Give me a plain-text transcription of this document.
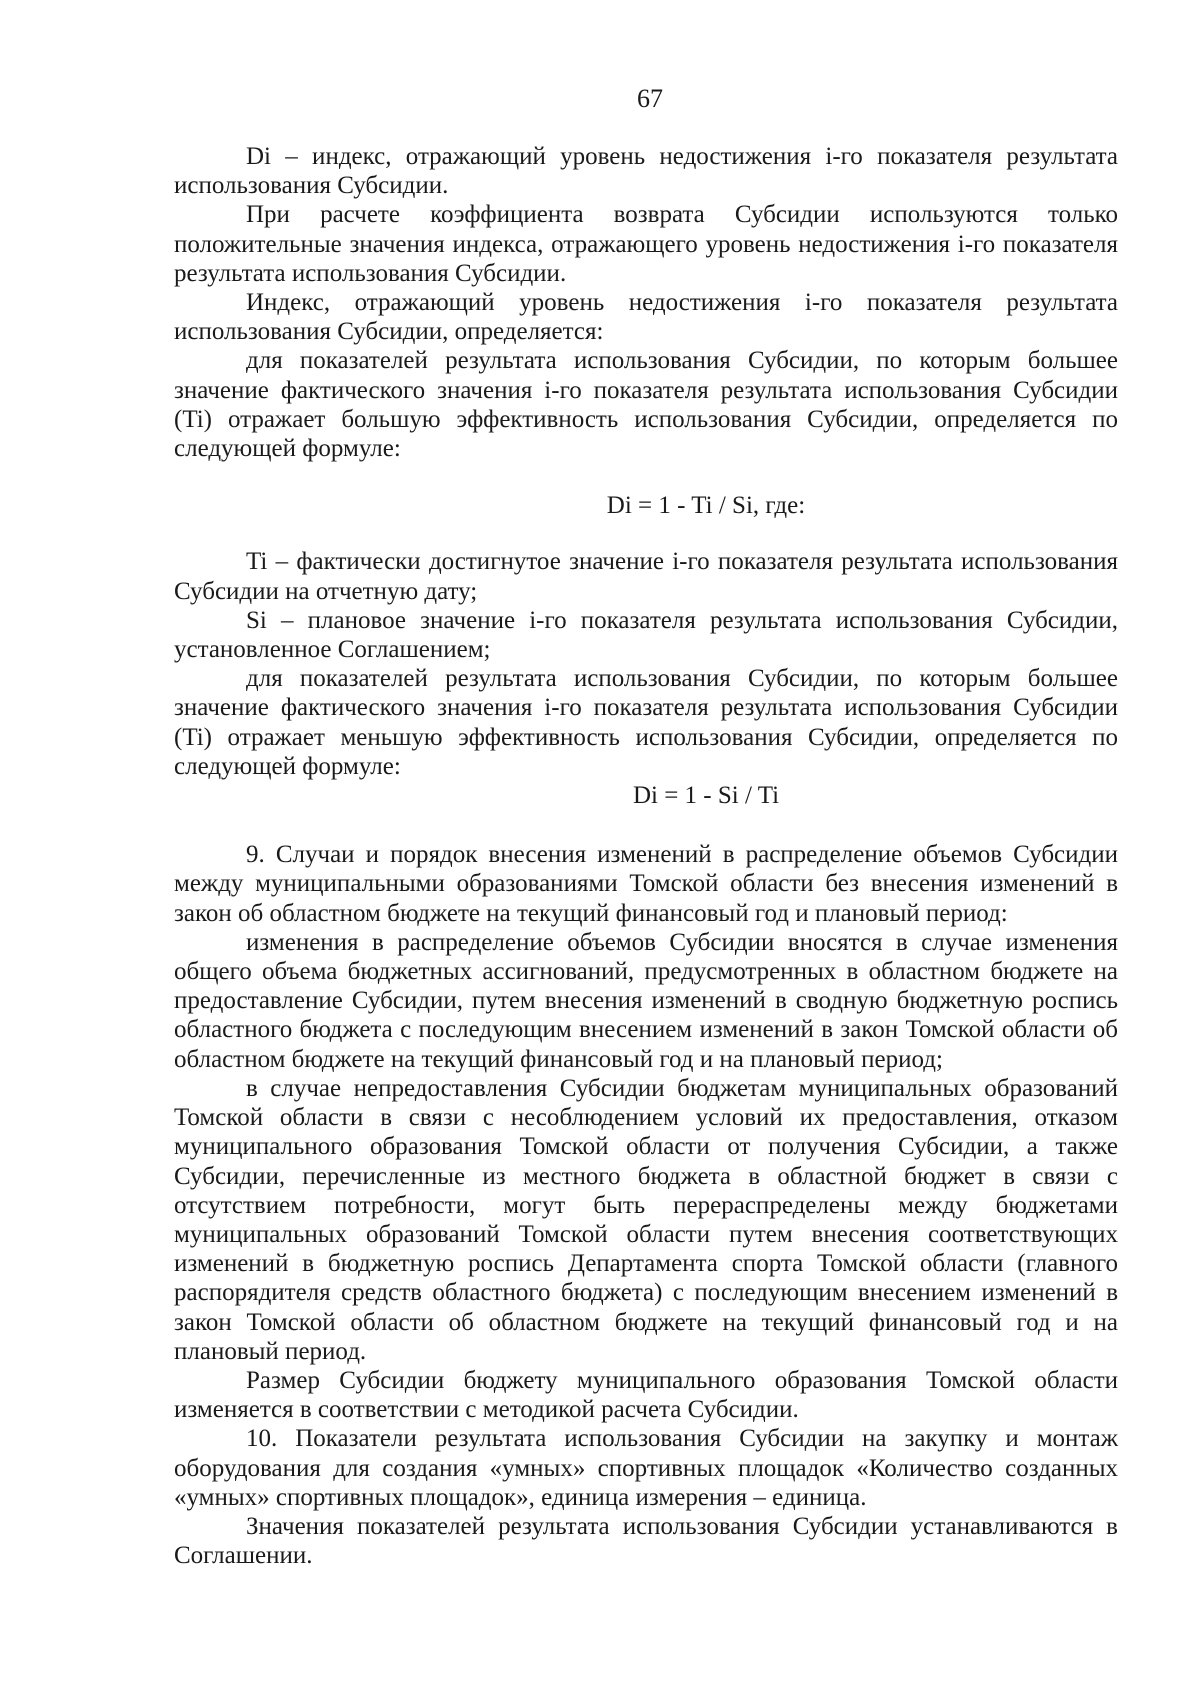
67

Di – индекс, отражающий уровень недостижения i-го показателя результата использования Субсидии.

При расчете коэффициента возврата Субсидии используются только положительные значения индекса, отражающего уровень недостижения i-го показателя результата использования Субсидии.

Индекс, отражающий уровень недостижения i-го показателя результата использования Субсидии, определяется:

для показателей результата использования Субсидии, по которым большее значение фактического значения i-го показателя результата использования Субсидии (Ti) отражает большую эффективность использования Субсидии, определяется по следующей формуле:

Di = 1 - Ti / Si, где:

Ti – фактически достигнутое значение i-го показателя результата использования Субсидии на отчетную дату;

Si – плановое значение i-го показателя результата использования Субсидии, установленное Соглашением;

для показателей результата использования Субсидии, по которым большее значение фактического значения i-го показателя результата использования Субсидии (Ti) отражает меньшую эффективность использования Субсидии, определяется по следующей формуле:

Di = 1 - Si / Ti

9. Случаи и порядок внесения изменений в распределение объемов Субсидии между муниципальными образованиями Томской области без внесения изменений в закон об областном бюджете на текущий финансовый год и плановый период:

изменения в распределение объемов Субсидии вносятся в случае изменения общего объема бюджетных ассигнований, предусмотренных в областном бюджете на предоставление Субсидии, путем внесения изменений в сводную бюджетную роспись областного бюджета с последующим внесением изменений в закон Томской области об областном бюджете на текущий финансовый год и на плановый период;

в случае непредоставления Субсидии бюджетам муниципальных образований Томской области в связи с несоблюдением условий их предоставления, отказом муниципального образования Томской области от получения Субсидии, а также Субсидии, перечисленные из местного бюджета в областной бюджет в связи с отсутствием потребности, могут быть перераспределены между бюджетами муниципальных образований Томской области путем внесения соответствующих изменений в бюджетную роспись Департамента спорта Томской области (главного распорядителя средств областного бюджета) с последующим внесением изменений в закон Томской области об областном бюджете на текущий финансовый год и на плановый период.

Размер Субсидии бюджету муниципального образования Томской области изменяется в соответствии с методикой расчета Субсидии.

10. Показатели результата использования Субсидии на закупку и монтаж оборудования для создания «умных» спортивных площадок «Количество созданных «умных» спортивных площадок», единица измерения – единица.

Значения показателей результата использования Субсидии устанавливаются в Соглашении.
